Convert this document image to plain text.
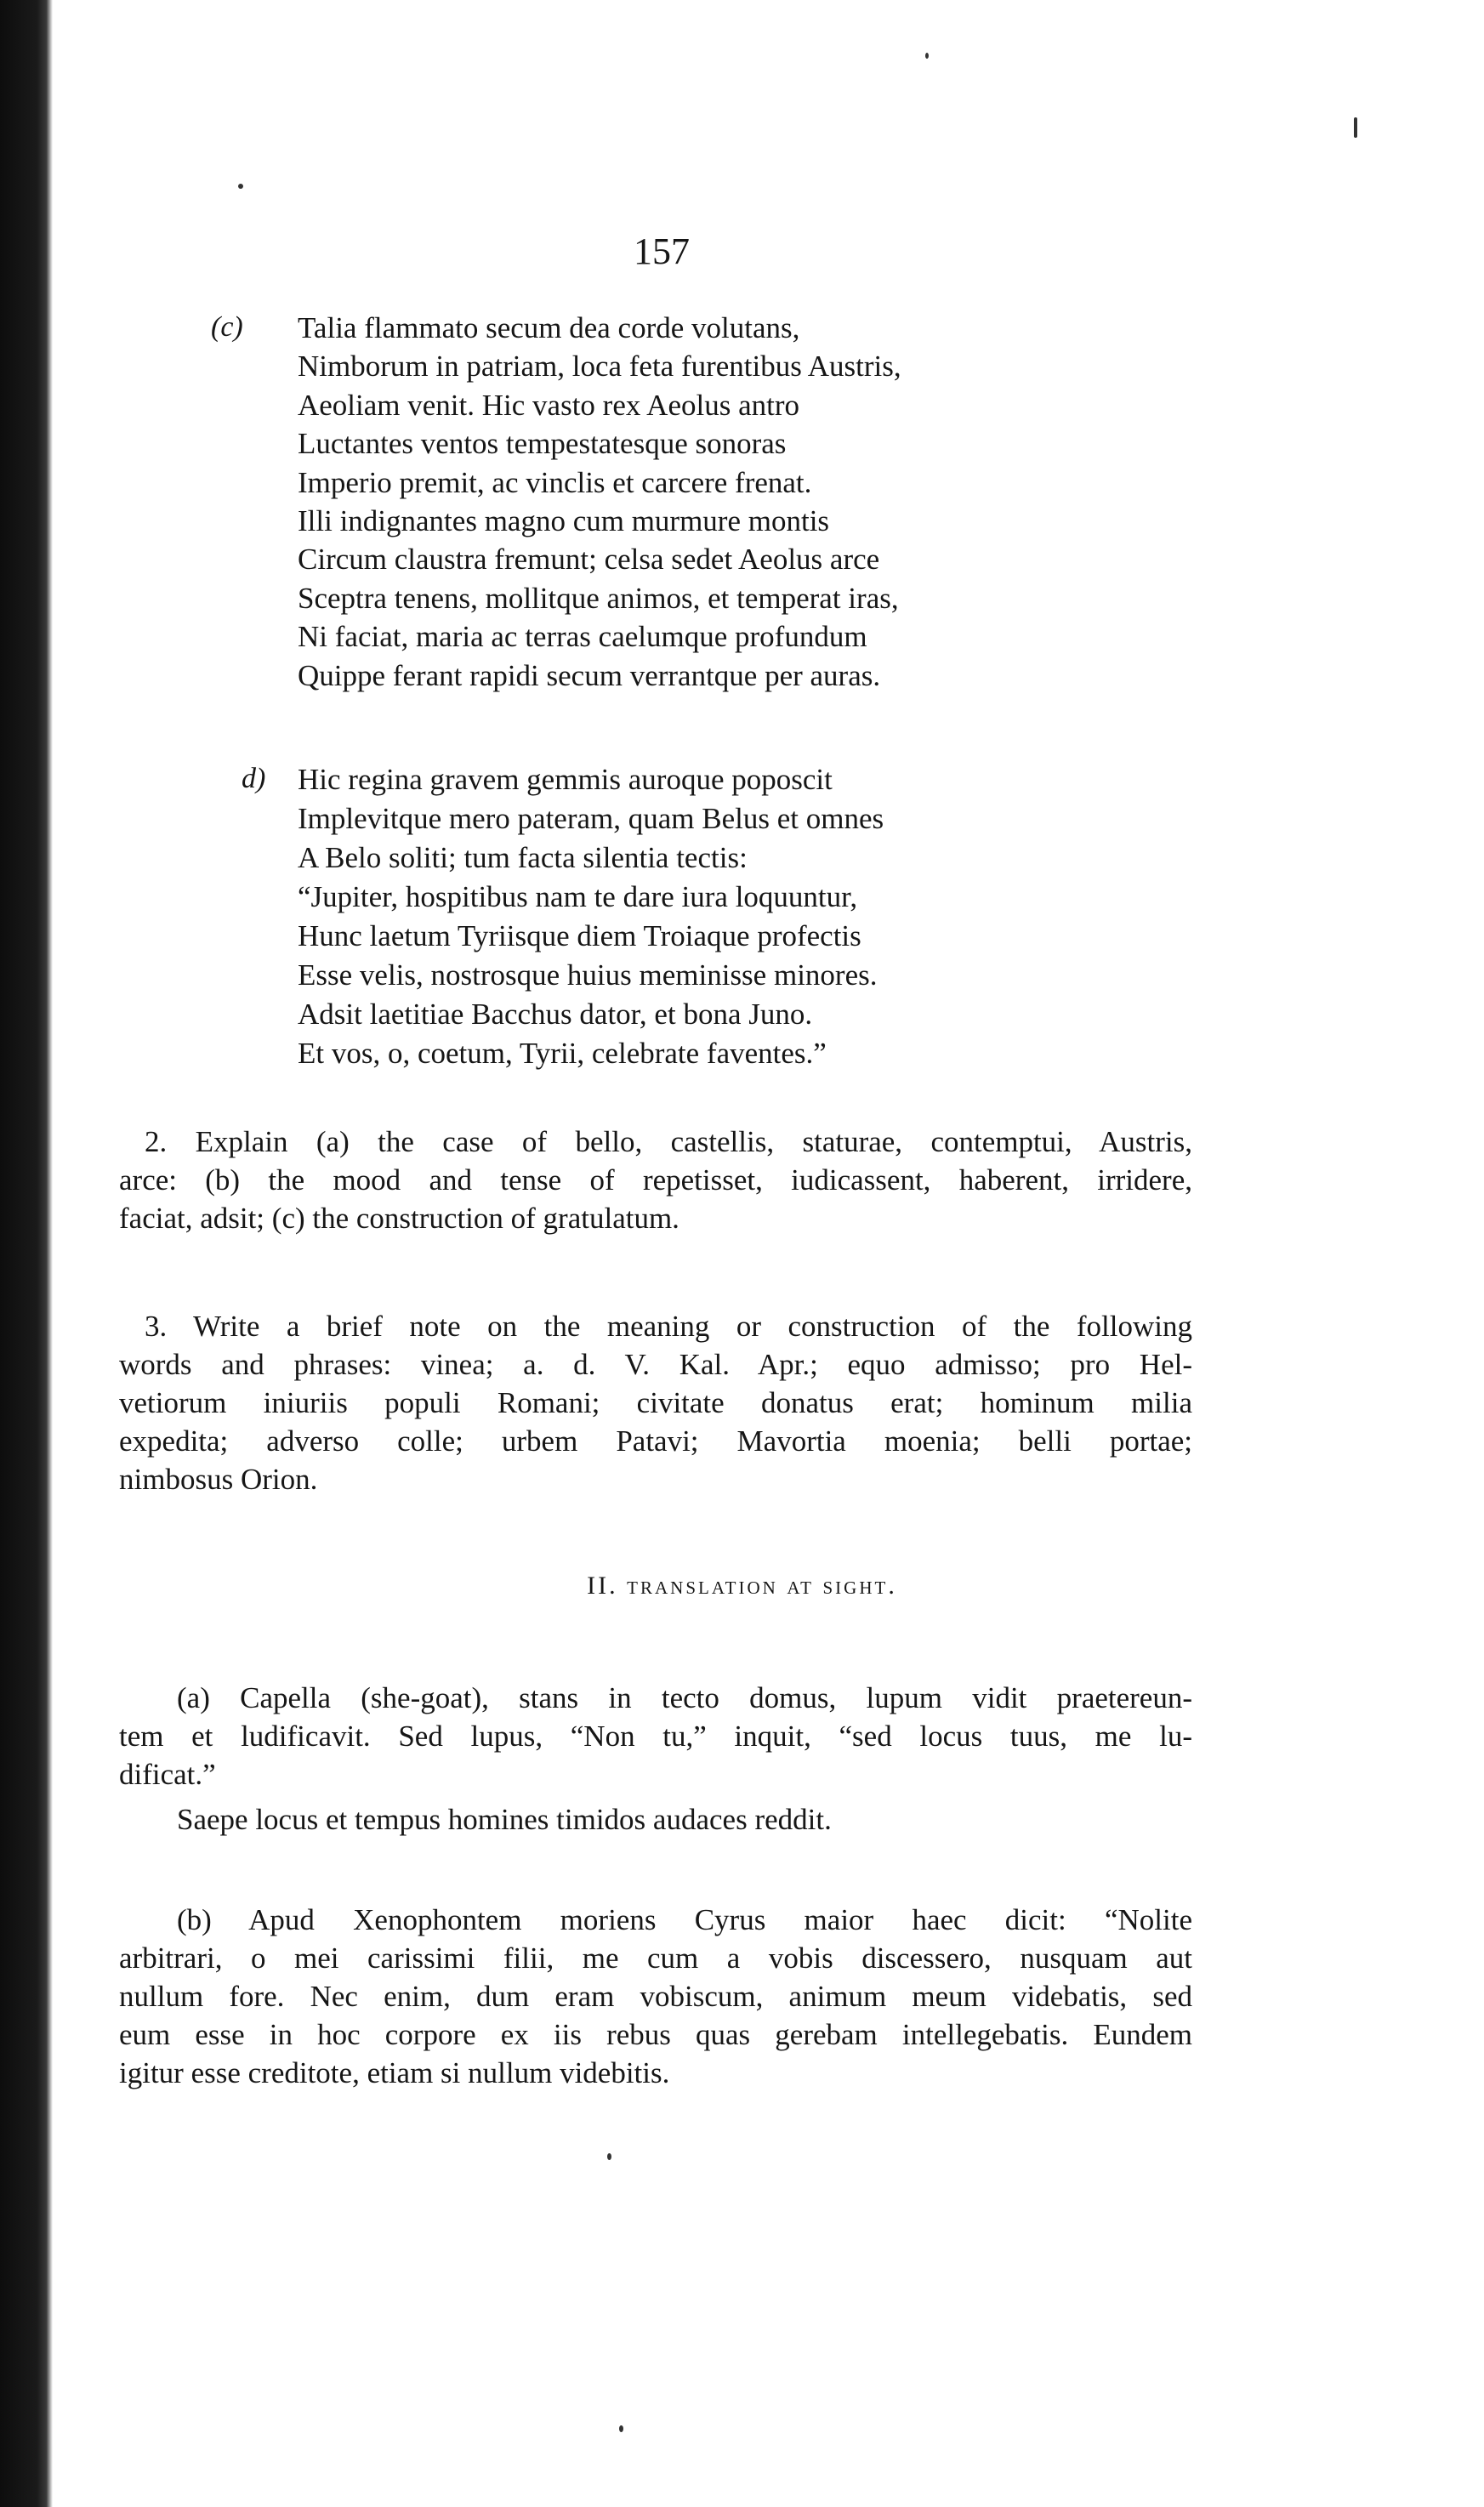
157
(c) Talia flammato secum dea corde volutans,
Nimborum in patriam, loca feta furentibus Austris,
Aeoliam venit. Hic vasto rex Aeolus antro
Luctantes ventos tempestatesque sonoras
Imperio premit, ac vinclis et carcere frenat.
Illi indignantes magno cum murmure montis
Circum claustra fremunt; celsa sedet Aeolus arce
Sceptra tenens, mollitque animos, et temperat iras,
Ni faciat, maria ac terras caelumque profundum
Quippe ferant rapidi secum verrantque per auras.
d) Hic regina gravem gemmis auroque poposcit
Implevitque mero pateram, quam Belus et omnes
A Belo soliti; tum facta silentia tectis:
“Jupiter, hospitibus nam te dare iura loquuntur,
Hunc laetum Tyriisque diem Troiaque profectis
Esse velis, nostrosque huius meminisse minores.
Adsit laetitiae Bacchus dator, et bona Juno.
Et vos, o, coetum, Tyrii, celebrate faventes.”
2. Explain (a) the case of bello, castellis, staturae, contemptui, Austris,
arce: (b) the mood and tense of repetisset, iudicassent, haberent, irridere,
faciat, adsit; (c) the construction of gratulatum.
3. Write a brief note on the meaning or construction of the following
words and phrases: vinea; a. d. V. Kal. Apr.; equo admisso; pro Hel-
vetiorum iniuriis populi Romani; civitate donatus erat; hominum milia
expedita; adverso colle; urbem Patavi; Mavortia moenia; belli portae;
nimbosus Orion.
II. translation at sight.
(a) Capella (she-goat), stans in tecto domus, lupum vidit praetereun-
tem et ludificavit. Sed lupus, “Non tu,” inquit, “sed locus tuus, me lu-
dificat.”
Saepe locus et tempus homines timidos audaces reddit.
(b) Apud Xenophontem moriens Cyrus maior haec dicit: “Nolite
arbitrari, o mei carissimi filii, me cum a vobis discessero, nusquam aut
nullum fore. Nec enim, dum eram vobiscum, animum meum videbatis, sed
eum esse in hoc corpore ex iis rebus quas gerebam intellegebatis. Eundem
igitur esse creditote, etiam si nullum videbitis.
